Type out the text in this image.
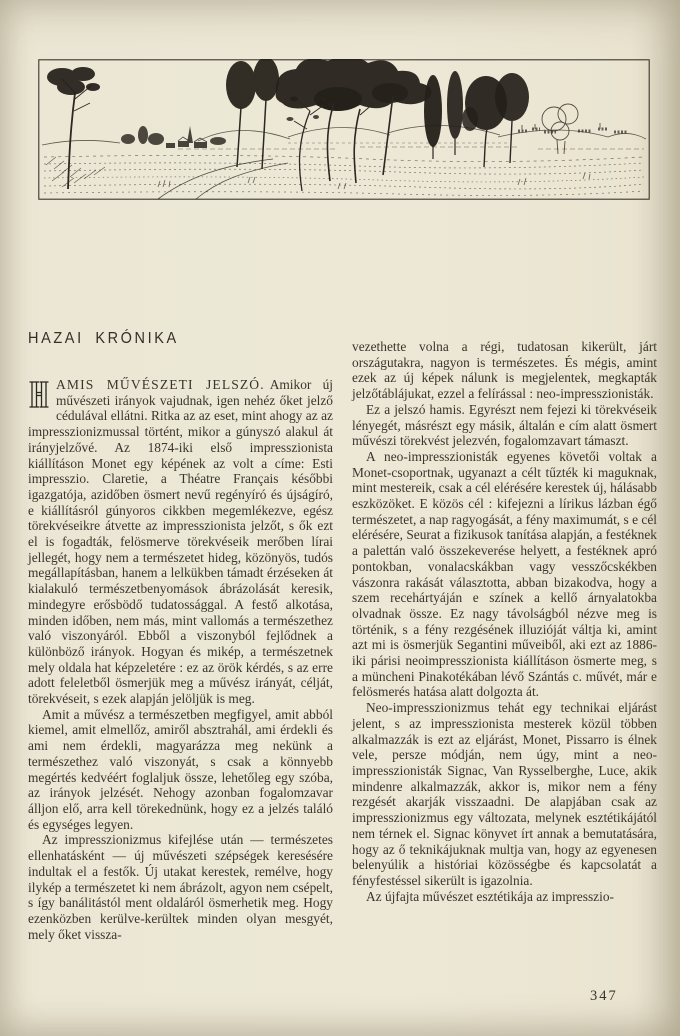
HAZAI KRÓNIKA

AMIS MŰVÉSZETI JELSZÓ. Amikor új művészeti irányok vajudnak, igen nehéz őket jelző cédulával ellátni. Ritka az az eset, mint ahogy az az impresszionizmussal történt, mikor a gúnyszó alakul át irányjelzővé. Az 1874-iki első impresszionista kiállításon Monet egy képének az volt a címe: Esti impresszio. Claretie, a Théatre Français későbbi igazgatója, azidőben ösmert nevű regényíró és újságíró, e kiállításról gúnyoros cikkben megemlékezve, egész törekvéseikre átvette az impresszionista jelzőt, s ők ezt el is fogadták, felösmerve törekvéseik merőben lírai jellegét, hogy nem a természetet hideg, közönyös, tudós megállapításban, hanem a lelkükben támadt érzéseken át kialakuló természetbenyomások ábrázolását keresik, mindegyre erősbödő tudatossággal. A festő alkotása, minden időben, nem más, mint vallomás a természethez való viszonyáról. Ebből a viszonyból fejlődnek a különböző irányok. Hogyan és mikép, a természetnek mely oldala hat képzeletére : ez az örök kérdés, s az erre adott feleletből ösmerjük meg a művész irányát, célját, törekvéseit, s ezek alapján jelöljük is meg.

Amit a művész a természetben megfigyel, amit abból kiemel, amit elmellőz, amiről absztrahál, ami érdekli és ami nem érdekli, magyarázza meg nekünk a természethez való viszonyát, s csak a könnyebb megértés kedvéért foglaljuk össze, lehetőleg egy szóba, az irányok jelzését. Nehogy azonban fogalomzavar álljon elő, arra kell törekednünk, hogy ez a jelzés találó és egységes legyen.

Az impresszionizmus kifejlése után — természetes ellenhatásként — új művészeti szépségek keresésére indultak el a festők. Új utakat kerestek, remélve, hogy ilykép a természetet ki nem ábrázolt, agyon nem csépelt, s így banálitástól ment oldaláról ösmerhetik meg. Hogy ezenközben kerülve-kerültek minden olyan mesgyét, mely őket vissza-

vezethette volna a régi, tudatosan kikerült, járt országutakra, nagyon is természetes. És mégis, amint ezek az új képek nálunk is megjelentek, megkapták jelzőtáblájukat, ezzel a felírással : neo-impresszionisták.

Ez a jelszó hamis. Egyrészt nem fejezi ki törekvéseik lényegét, másrészt egy másik, általán e cím alatt ösmert művészi törekvést jelezvén, fogalomzavart támaszt.

A neo-impresszionisták egyenes követői voltak a Monet-csoportnak, ugyanazt a célt tűzték ki maguknak, mint mestereik, csak a cél elérésére kerestek új, hálásabb eszközöket. E közös cél : kifejezni a lírikus lázban égő természetet, a nap ragyogását, a fény maximumát, s e cél elérésére, Seurat a fizikusok tanítása alapján, a festéknek a palettán való összekeverése helyett, a festéknek apró pontokban, vonalacskákban vagy vesszőcskékben vászonra rakását választotta, abban bizakodva, hogy a szem recehártyáján e színek a kellő árnyalatokba olvadnak össze. Ez nagy távolságból nézve meg is történik, s a fény rezgésének illuzióját váltja ki, amint azt mi is ösmerjük Segantini műveiből, aki ezt az 1886-iki párisi neoimpresszionista kiállításon ösmerte meg, s a müncheni Pinakotékában lévő Szántás c. művét, már e felösmerés hatása alatt dolgozta át.

Neo-impresszionizmus tehát egy technikai eljárást jelent, s az impresszionista mesterek közül többen alkalmazzák is ezt az eljárást, Monet, Pissarro is élnek vele, persze módján, nem úgy, mint a neo-impresszionisták Signac, Van Rysselberghe, Luce, akik mindenre alkalmazzák, akkor is, mikor nem a fény rezgését akarják visszaadni. De alapjában csak az impresszionizmus egy változata, melynek esztétikájától nem térnek el. Signac könyvet írt annak a bemutatására, hogy az ő teknikájuknak multja van, hogy az egyenesen belenyúlik a históriai közösségbe és kapcsolatát a fényfestéssel sikerült is igazolnia.

Az újfajta művészet esztétikája az impresszio-

347
